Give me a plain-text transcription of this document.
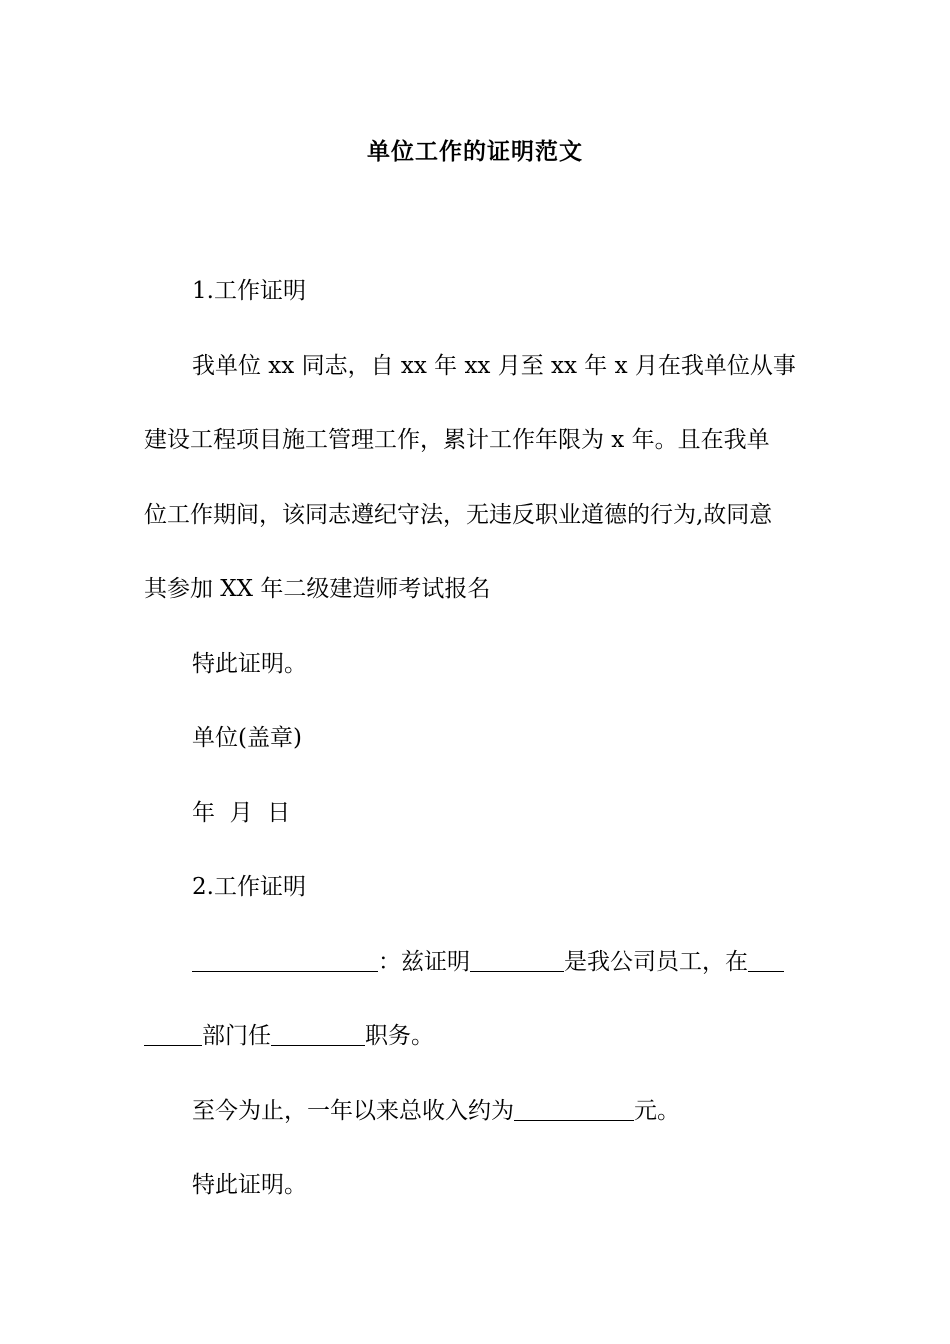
单位工作的证明范文

1.工作证明

我单位 xx 同志，自 xx 年 xx 月至 xx 年 x 月在我单位从事

建设工程项目施工管理工作，累计工作年限为 x 年。且在我单

位工作期间，该同志遵纪守法，无违反职业道德的行为,故同意

其参加 XX 年二级建造师考试报名

特此证明。

单位(盖章)

年  月  日

2.工作证明

：兹证明	是我公司员工，在

部门任	职务。

至今为止，一年以来总收入约为	元。

特此证明。
